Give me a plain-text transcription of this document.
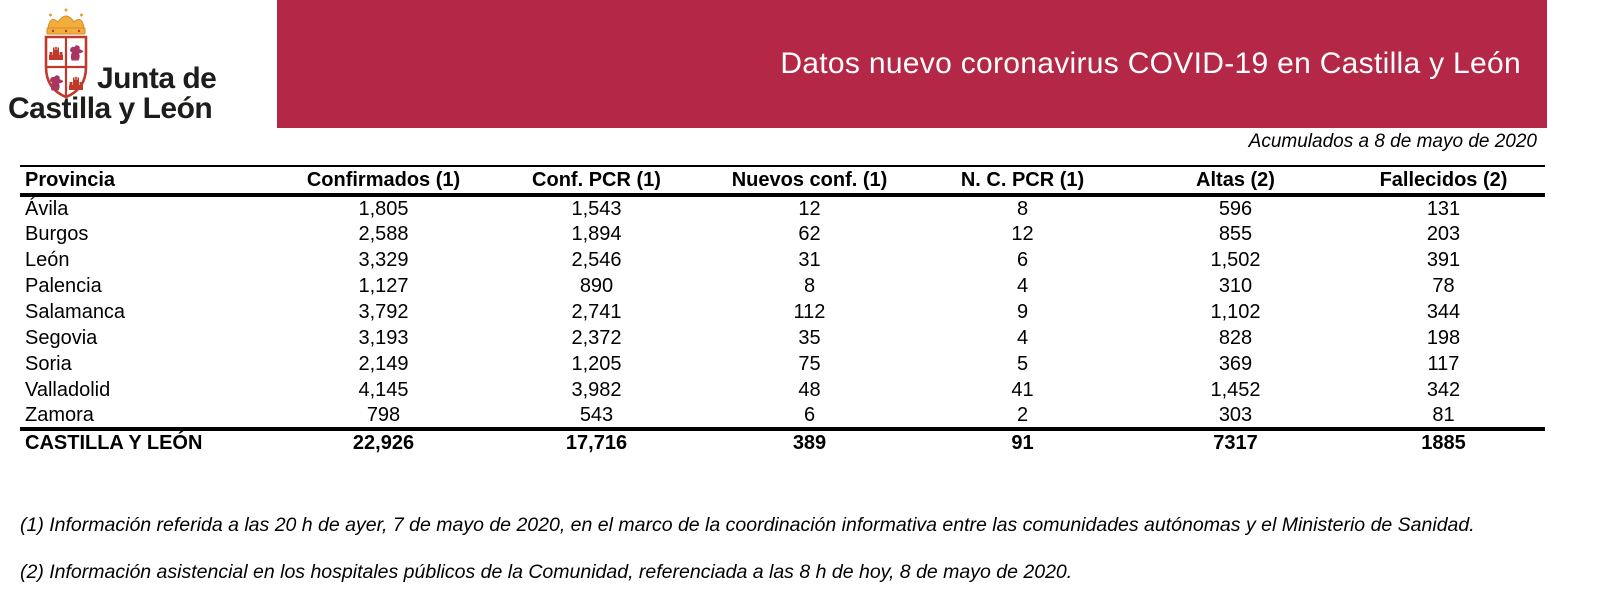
Junta de
Castilla y León
Datos nuevo coronavirus COVID-19 en Castilla y León
Acumulados a 8 de mayo de 2020
Provincia	Confirmados (1)	Conf. PCR (1)	Nuevos conf. (1)	N. C. PCR (1)	Altas (2)	Fallecidos (2)
Ávila	1,805	1,543	12	8	596	131
Burgos	2,588	1,894	62	12	855	203
León	3,329	2,546	31	6	1,502	391
Palencia	1,127	890	8	4	310	78
Salamanca	3,792	2,741	112	9	1,102	344
Segovia	3,193	2,372	35	4	828	198
Soria	2,149	1,205	75	5	369	117
Valladolid	4,145	3,982	48	41	1,452	342
Zamora	798	543	6	2	303	81
CASTILLA Y LEÓN	22,926	17,716	389	91	7317	1885

(1) Información referida a las 20 h de ayer, 7 de mayo de 2020, en el marco de la coordinación informativa entre las comunidades autónomas y el Ministerio de Sanidad.

(2) Información asistencial en los hospitales públicos de la Comunidad, referenciada a las 8 h de hoy, 8 de mayo de 2020.
